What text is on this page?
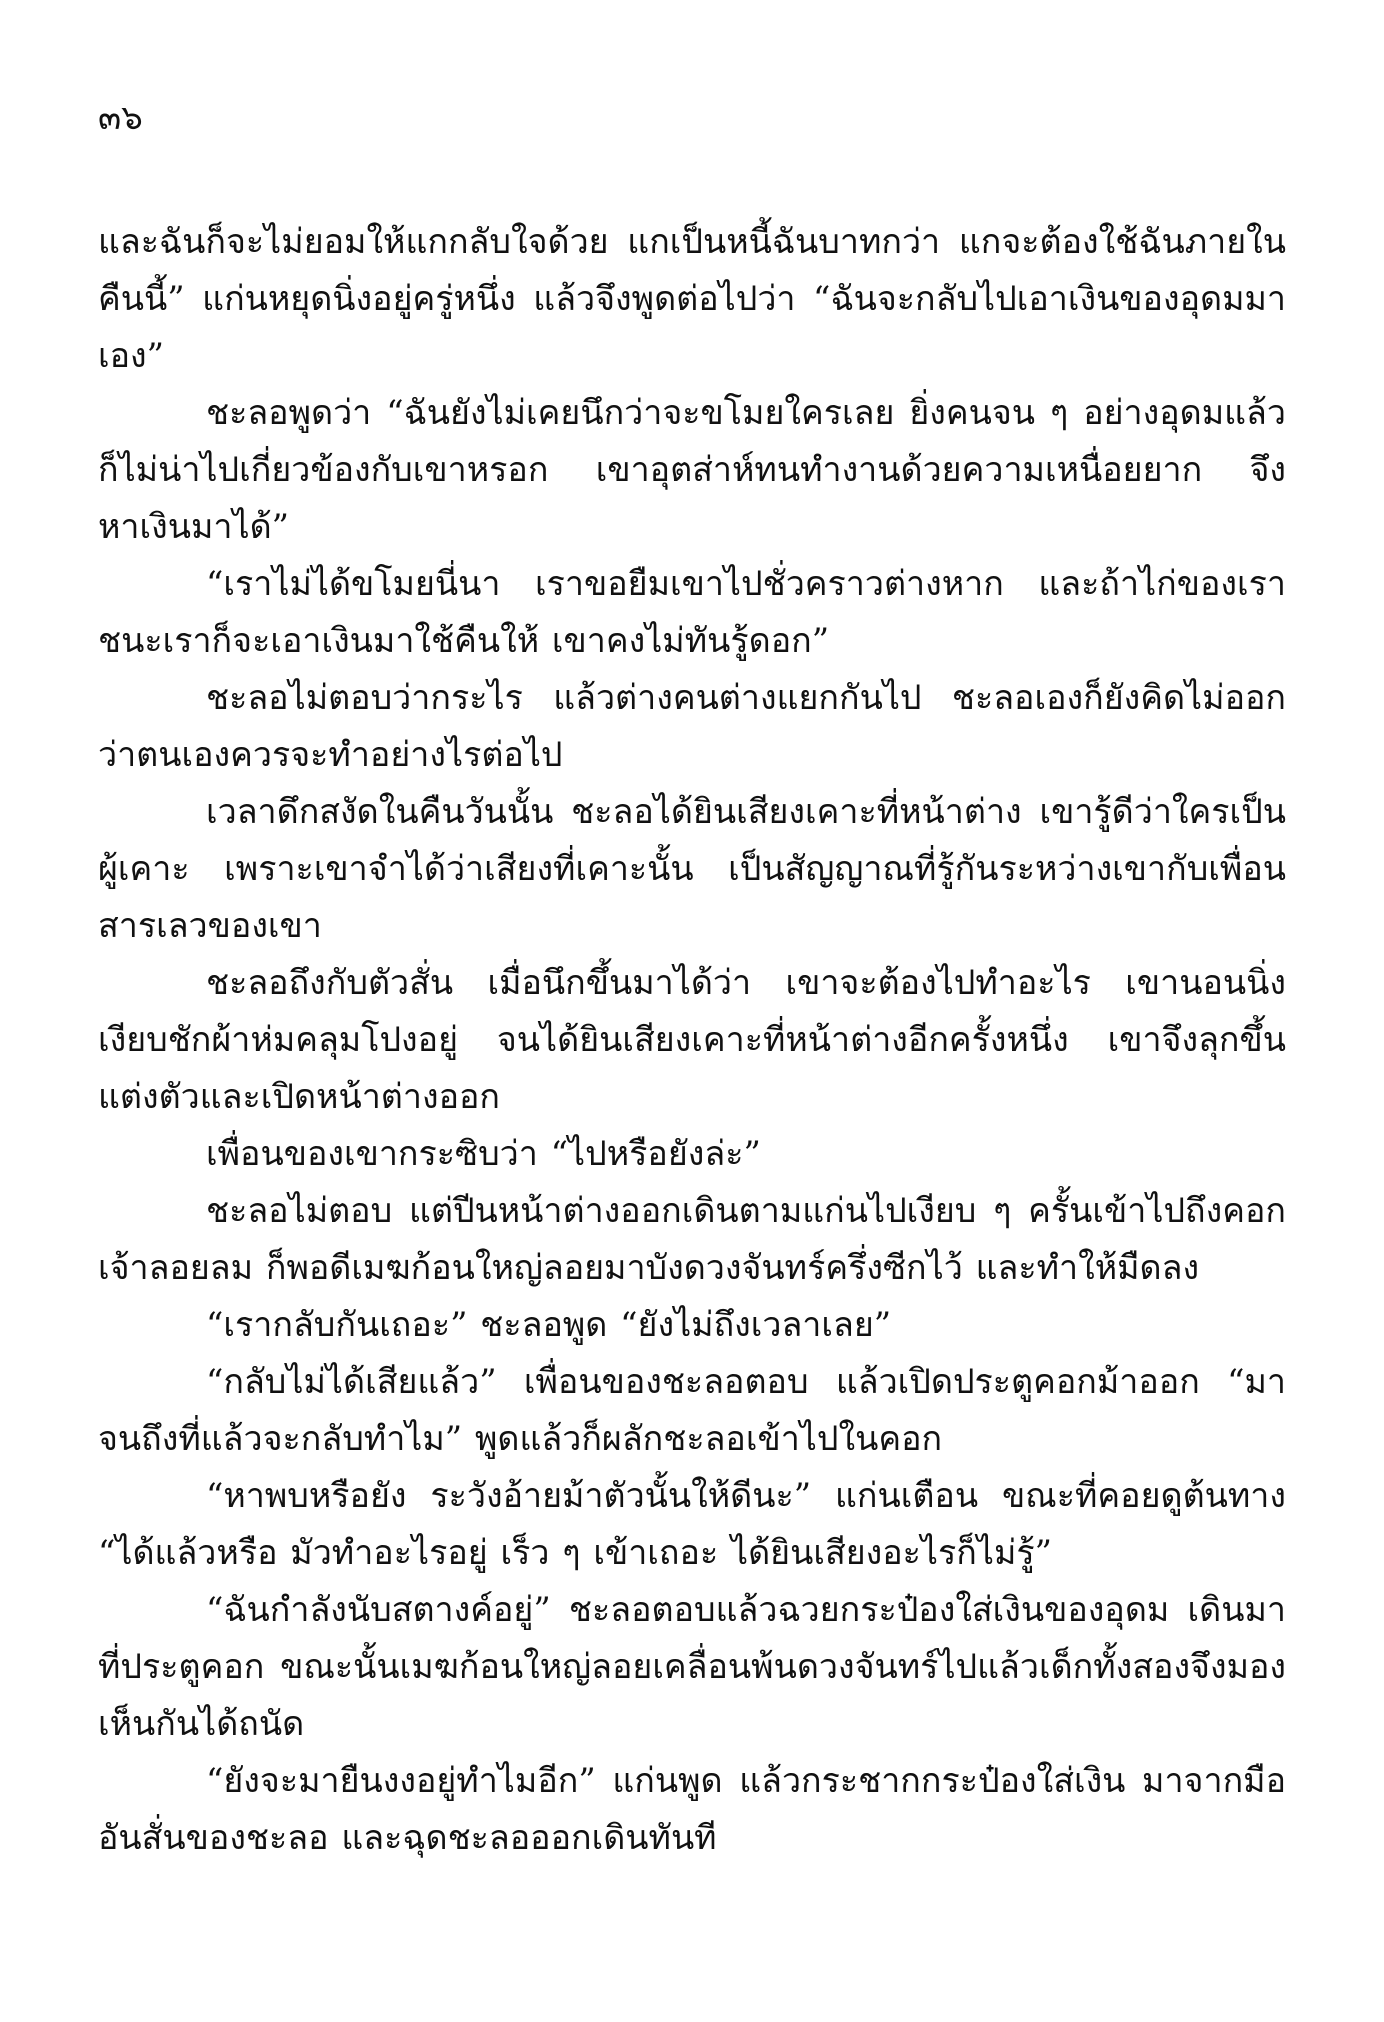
๓๖

และฉันก็จะไม่ยอมให้แกกลับใจด้วย แกเป็นหนี้ฉันบาทกว่า แกจะต้องใช้ฉันภายในคืนนี้” แก่นหยุดนิ่งอยู่ครู่หนึ่ง แล้วจึงพูดต่อไปว่า “ฉันจะกลับไปเอาเงินของอุดมมาเอง”

ชะลอพูดว่า “ฉันยังไม่เคยนึกว่าจะขโมยใครเลย ยิ่งคนจน ๆ อย่างอุดมแล้วก็ไม่น่าไปเกี่ยวข้องกับเขาหรอก เขาอุตส่าห์ทนทำงานด้วยความเหนื่อยยาก จึงหาเงินมาได้”

“เราไม่ได้ขโมยนี่นา เราขอยืมเขาไปชั่วคราวต่างหาก และถ้าไก่ของเราชนะเราก็จะเอาเงินมาใช้คืนให้ เขาคงไม่ทันรู้ดอก”

ชะลอไม่ตอบว่ากระไร แล้วต่างคนต่างแยกกันไป ชะลอเองก็ยังคิดไม่ออกว่าตนเองควรจะทำอย่างไรต่อไป

เวลาดึกสงัดในคืนวันนั้น ชะลอได้ยินเสียงเคาะที่หน้าต่าง เขารู้ดีว่าใครเป็นผู้เคาะ เพราะเขาจำได้ว่าเสียงที่เคาะนั้น เป็นสัญญาณที่รู้กันระหว่างเขากับเพื่อนสารเลวของเขา

ชะลอถึงกับตัวสั่น เมื่อนึกขึ้นมาได้ว่า เขาจะต้องไปทำอะไร เขานอนนิ่งเงียบชักผ้าห่มคลุมโปงอยู่ จนได้ยินเสียงเคาะที่หน้าต่างอีกครั้งหนึ่ง เขาจึงลุกขึ้นแต่งตัวและเปิดหน้าต่างออก

เพื่อนของเขากระซิบว่า “ไปหรือยังล่ะ”

ชะลอไม่ตอบ แต่ปีนหน้าต่างออกเดินตามแก่นไปเงียบ ๆ ครั้นเข้าไปถึงคอกเจ้าลอยลม ก็พอดีเมฆก้อนใหญ่ลอยมาบังดวงจันทร์ครึ่งซีกไว้ และทำให้มืดลง

“เรากลับกันเถอะ” ชะลอพูด “ยังไม่ถึงเวลาเลย”

“กลับไม่ได้เสียแล้ว” เพื่อนของชะลอตอบ แล้วเปิดประตูคอกม้าออก “มาจนถึงที่แล้วจะกลับทำไม” พูดแล้วก็ผลักชะลอเข้าไปในคอก

“หาพบหรือยัง ระวังอ้ายม้าตัวนั้นให้ดีนะ” แก่นเตือน ขณะที่คอยดูต้นทาง “ได้แล้วหรือ มัวทำอะไรอยู่ เร็ว ๆ เข้าเถอะ ได้ยินเสียงอะไรก็ไม่รู้”

“ฉันกำลังนับสตางค์อยู่” ชะลอตอบแล้วฉวยกระป๋องใส่เงินของอุดม เดินมาที่ประตูคอก ขณะนั้นเมฆก้อนใหญ่ลอยเคลื่อนพ้นดวงจันทร์ไปแล้วเด็กทั้งสองจึงมองเห็นกันได้ถนัด

“ยังจะมายืนงงอยู่ทำไมอีก” แก่นพูด แล้วกระชากกระป๋องใส่เงิน มาจากมืออันสั่นของชะลอ และฉุดชะลอออกเดินทันที
